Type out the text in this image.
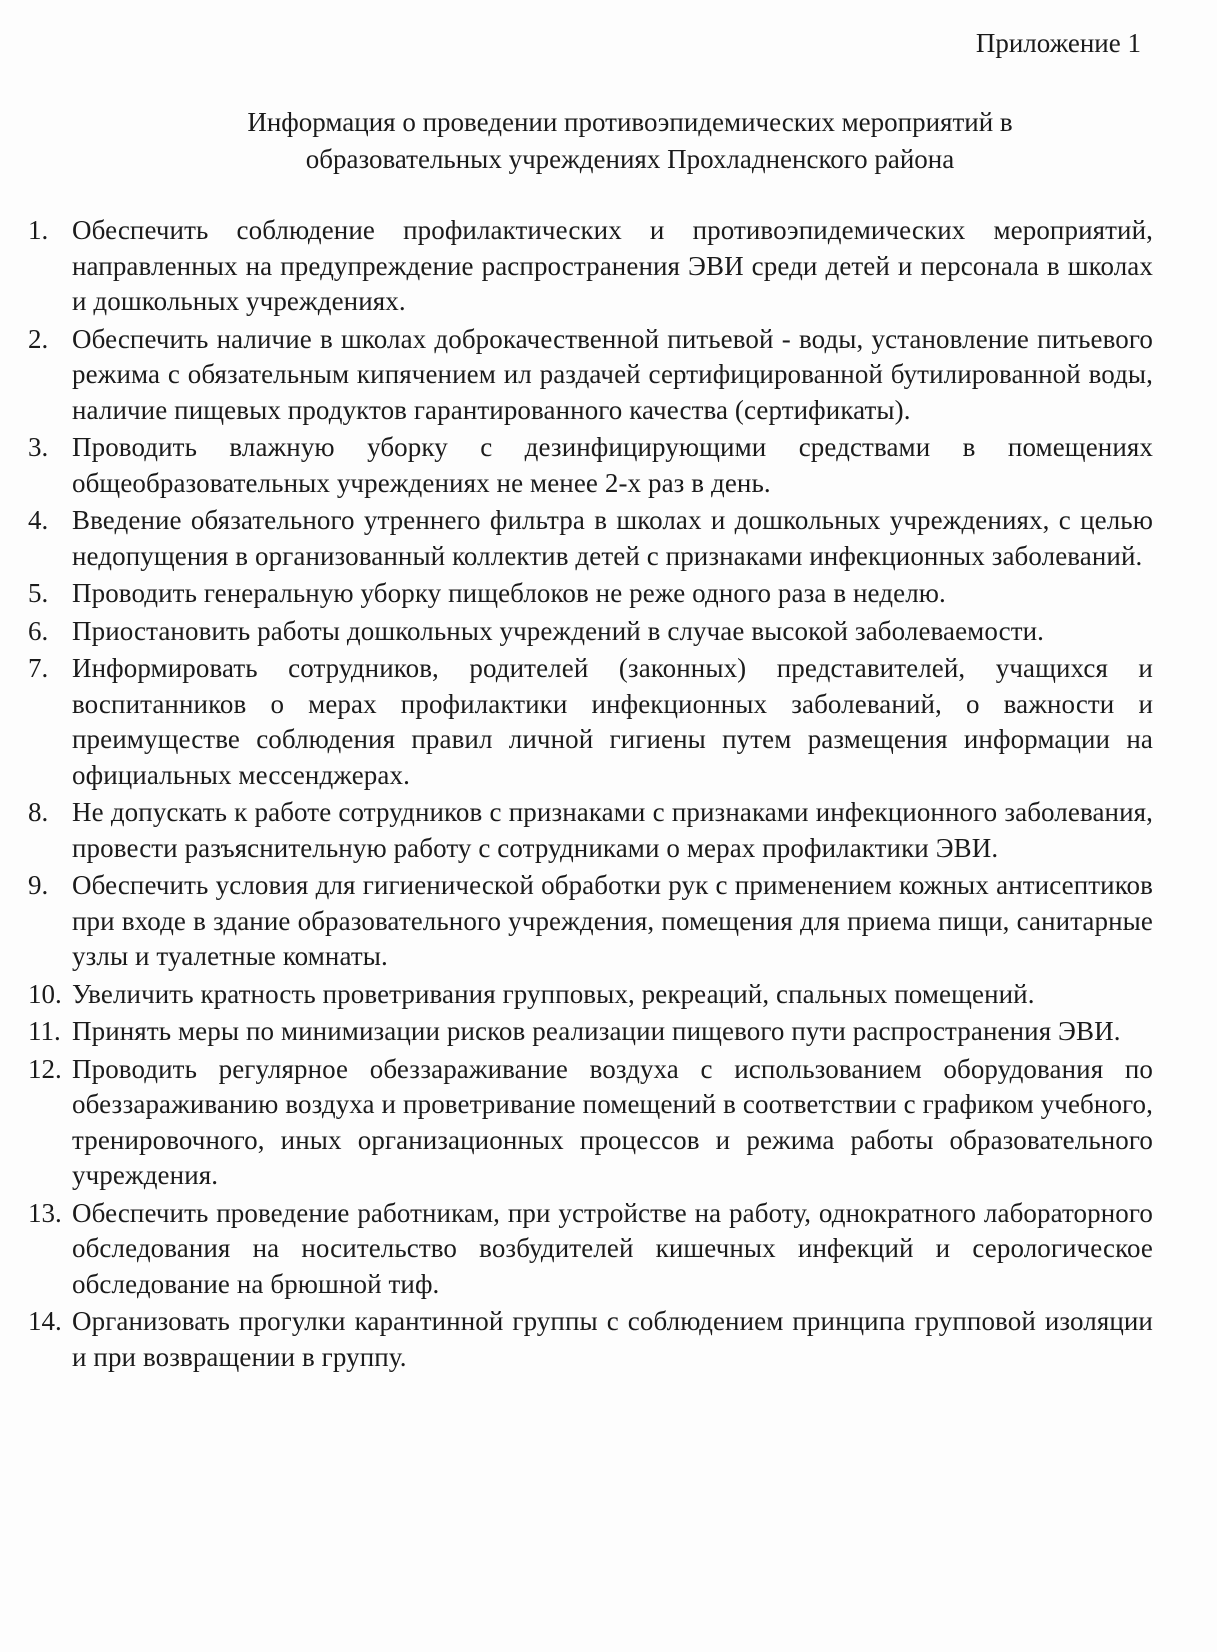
Приложение 1
Информация о проведении противоэпидемических мероприятий в
образовательных учреждениях Прохладненского района
1. Обеспечить соблюдение профилактических и противоэпидемических мероприятий, направленных на предупреждение распространения ЭВИ среди детей и персонала в школах и дошкольных учреждениях.
2. Обеспечить наличие в школах доброкачественной питьевой - воды, установление питьевого режима с обязательным кипячением ил раздачей сертифицированной бутилированной воды, наличие пищевых продуктов гарантированного качества (сертификаты).
3. Проводить влажную уборку с дезинфицирующими средствами в помещениях общеобразовательных учреждениях не менее 2-х раз в день.
4. Введение обязательного утреннего фильтра в школах и дошкольных учреждениях, с целью недопущения в организованный коллектив детей с признаками инфекционных заболеваний.
5. Проводить генеральную уборку пищеблоков не реже одного раза в неделю.
6. Приостановить работы дошкольных учреждений в случае высокой заболеваемости.
7. Информировать сотрудников, родителей (законных) представителей, учащихся и воспитанников о мерах профилактики инфекционных заболеваний, о важности и преимуществе соблюдения правил личной гигиены путем размещения информации на официальных мессенджерах.
8. Не допускать к работе сотрудников с признаками с признаками инфекционного заболевания, провести разъяснительную работу с сотрудниками о мерах профилактики ЭВИ.
9. Обеспечить условия для гигиенической обработки рук с применением кожных антисептиков при входе в здание образовательного учреждения, помещения для приема пищи, санитарные узлы и туалетные комнаты.
10. Увеличить кратность проветривания групповых, рекреаций, спальных помещений.
11. Принять меры по минимизации рисков реализации пищевого пути распространения ЭВИ.
12. Проводить регулярное обеззараживание воздуха с использованием оборудования по обеззараживанию воздуха и проветривание помещений в соответствии с графиком учебного, тренировочного, иных организационных процессов и режима работы образовательного учреждения.
13. Обеспечить проведение работникам, при устройстве на работу, однократного лабораторного обследования на носительство возбудителей кишечных инфекций и серологическое обследование на брюшной тиф.
14. Организовать прогулки карантинной группы с соблюдением принципа групповой изоляции и при возвращении в группу.
